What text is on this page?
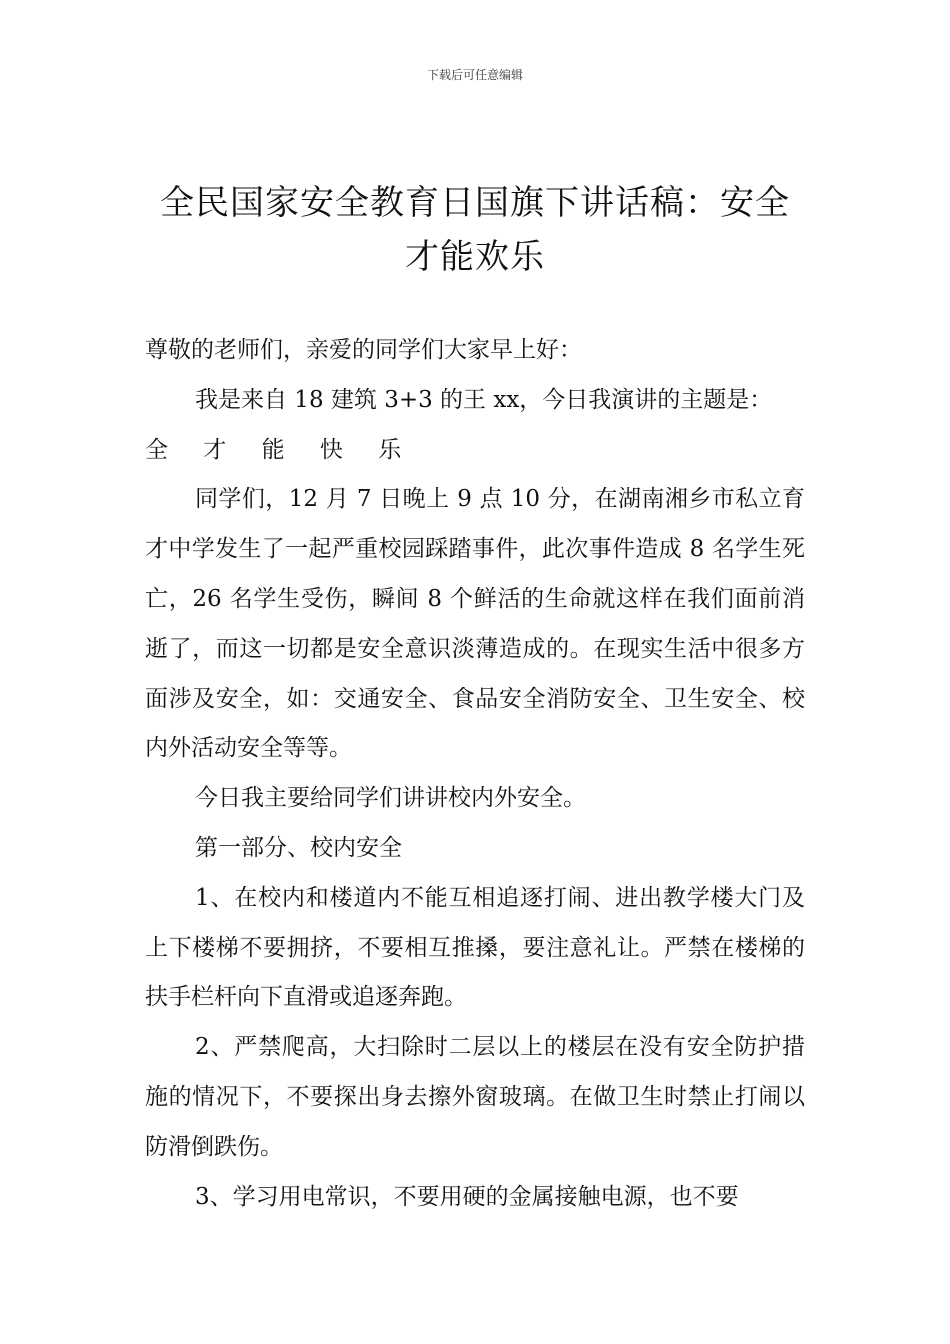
下载后可任意编辑
全民国家安全教育日国旗下讲话稿：安全
才能欢乐

尊敬的老师们，亲爱的同学们大家早上好：

我是来自 18 建筑 3+3 的王 xx，今日我演讲的主题是：

全 才 能 快 乐

同学们，12 月 7 日晚上 9 点 10 分，在湖南湘乡市私立育才中学发生了一起严重校园踩踏事件，此次事件造成 8 名学生死亡，26 名学生受伤，瞬间 8 个鲜活的生命就这样在我们面前消逝了，而这一切都是安全意识淡薄造成的。在现实生活中很多方面涉及安全，如：交通安全、食品安全消防安全、卫生安全、校内外活动安全等等。

今日我主要给同学们讲讲校内外安全。

第一部分、校内安全

1、在校内和楼道内不能互相追逐打闹、进出教学楼大门及上下楼梯不要拥挤，不要相互推搡，要注意礼让。严禁在楼梯的扶手栏杆向下直滑或追逐奔跑。

2、严禁爬高，大扫除时二层以上的楼层在没有安全防护措施的情况下，不要探出身去擦外窗玻璃。在做卫生时禁止打闹以防滑倒跌伤。

3、学习用电常识，不要用硬的金属接触电源，也不要
